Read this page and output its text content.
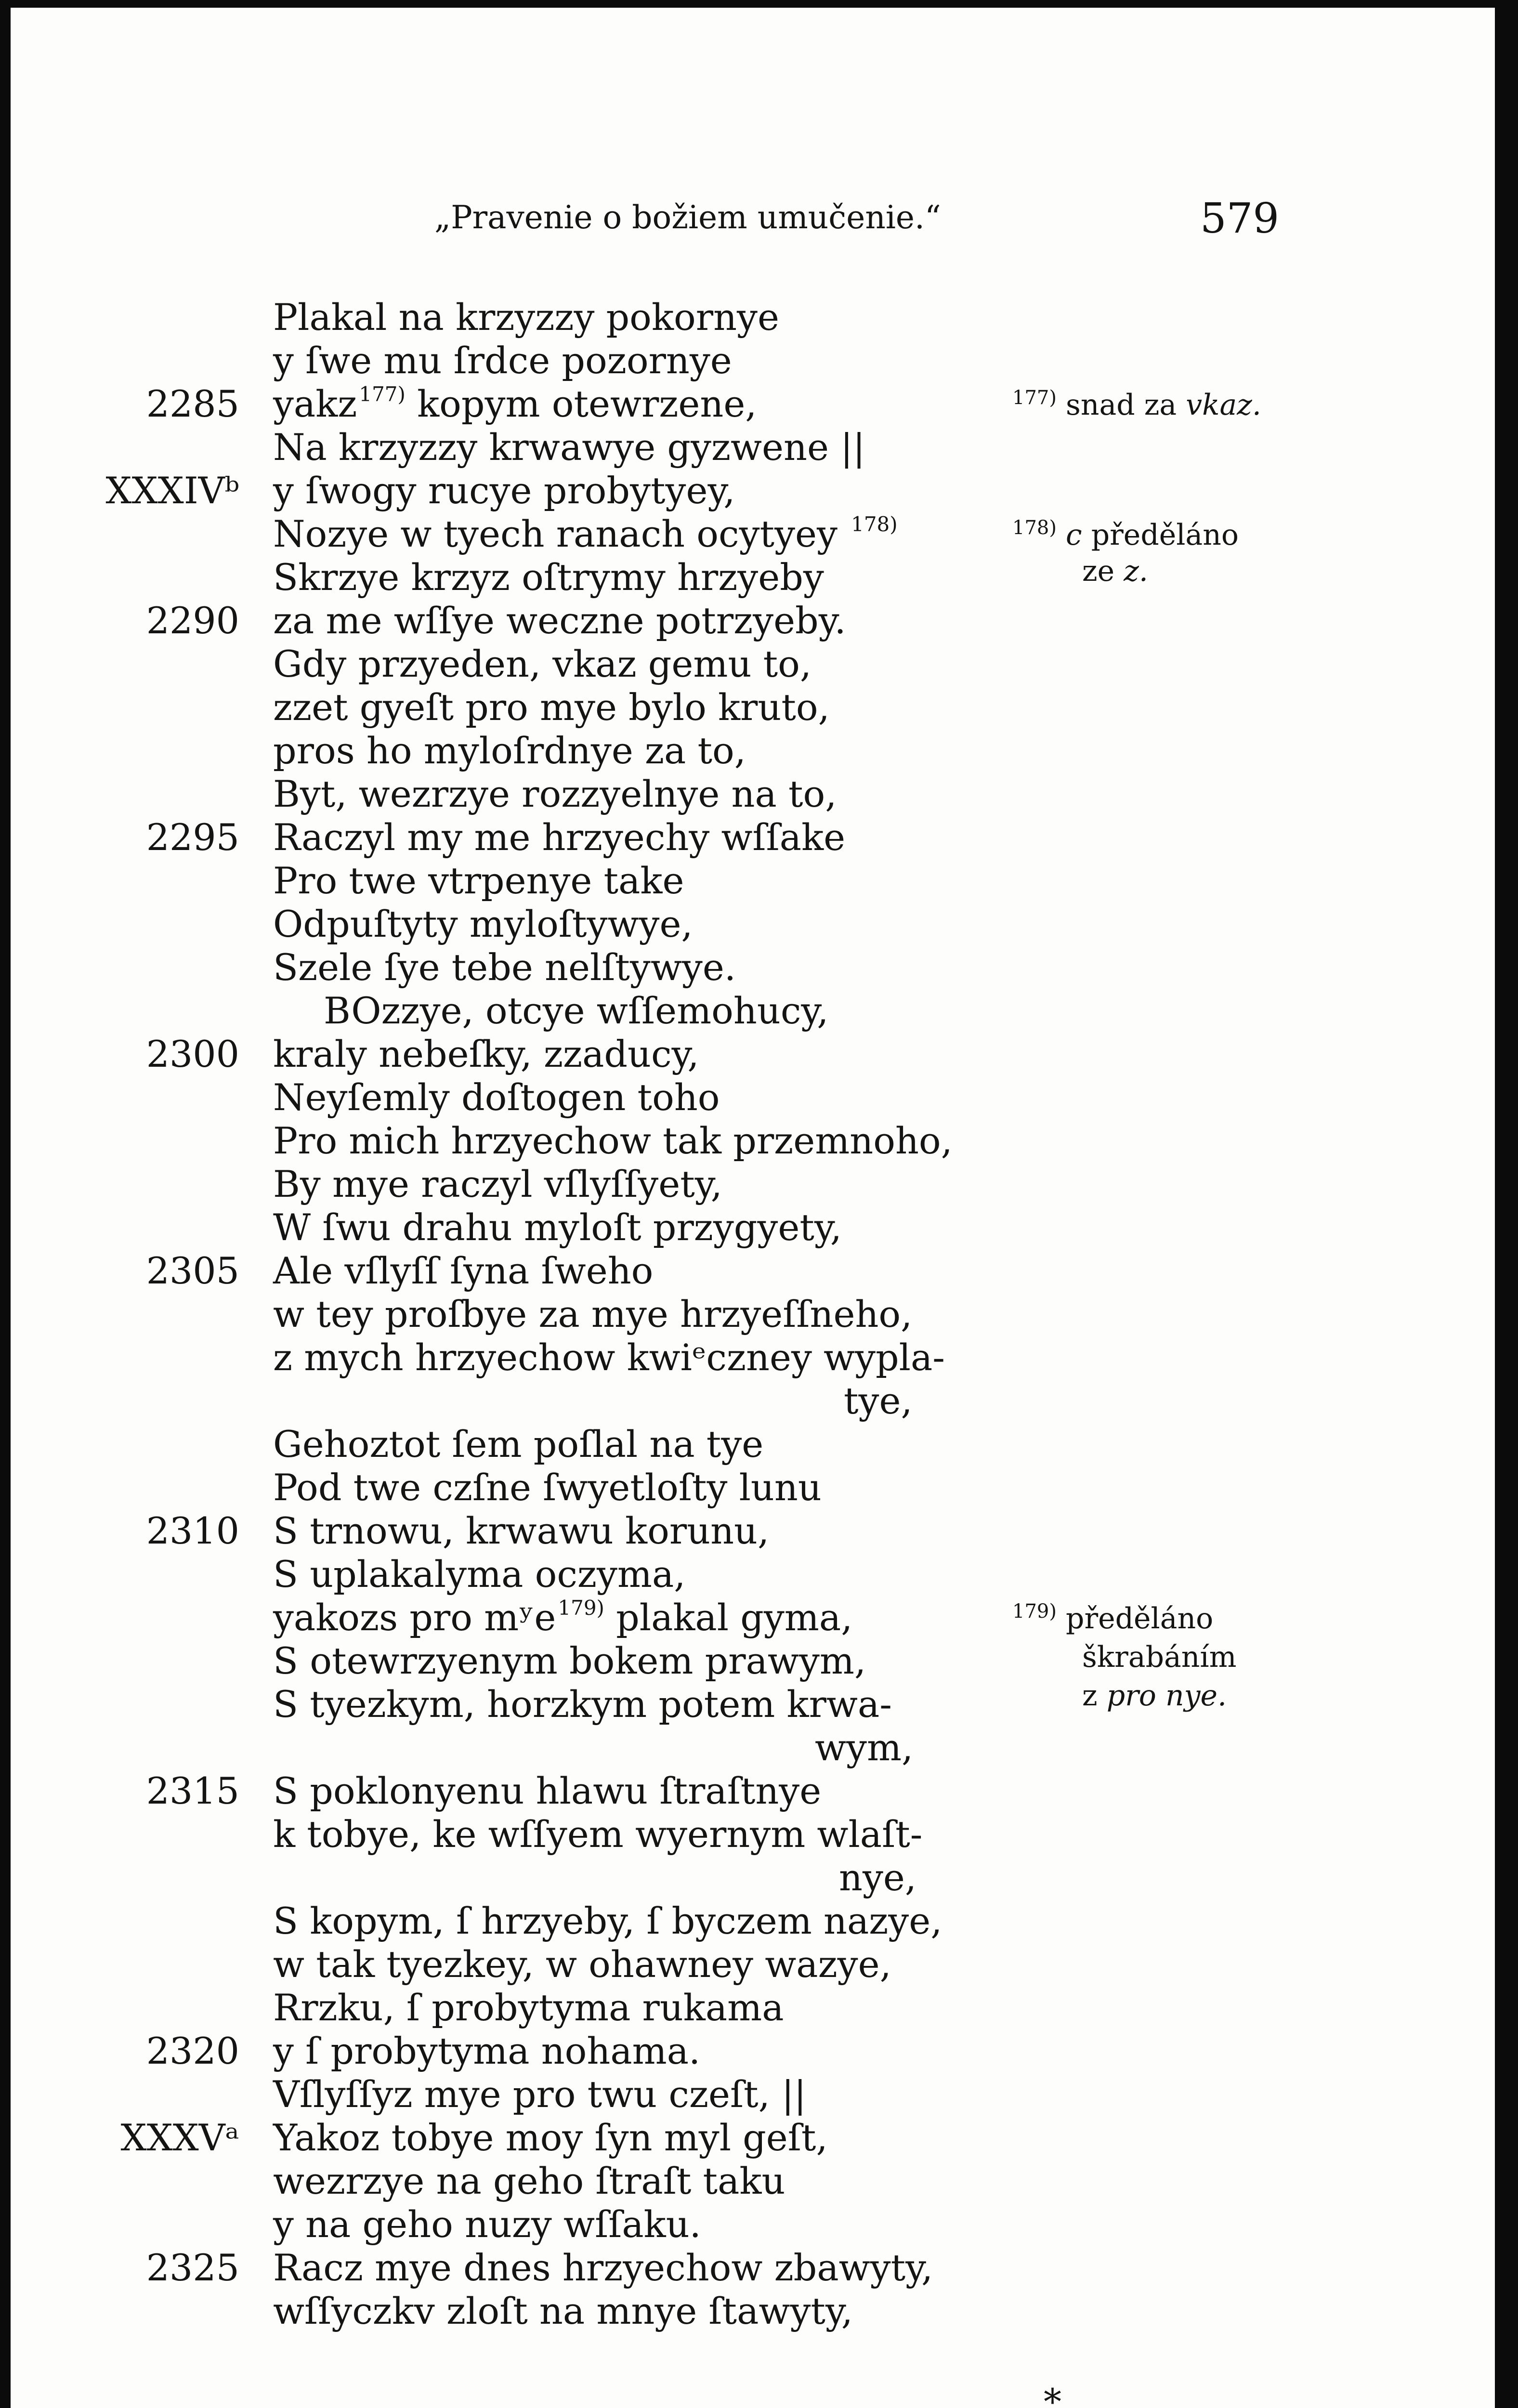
„Pravenie o božiem umučenie.“	579
Plakal na krzyzzy pokornye
y ſwe mu ſrdce pozornye
yakz$^{177)}$ kopym otewrzene,
Na krzyzzy krwawye gyzwene ||
y ſwogy rucye probytyey,
Nozye w tyech ranach ocytyey $^{178)}$
Skrzye krzyz oſtrymy hrzyeby
za me wſſye weczne potrzyeby.
Gdy przyeden, vkaz gemu to,
zzet gyeſt pro mye bylo kruto,
pros ho myloſrdnye za to,
Byt, wezrzye rozzyelnye na to,
Raczyl my me hrzyechy wſſake
Pro twe vtrpenye take
Odpuſtyty myloſtywye,
Szele ſye tebe nelſtywye.
BOzzye, otcye wſſemohucy,
kraly nebeſky, zzaducy,
Neyſemly doſtogen toho
Pro mich hrzyechow tak przemnoho,
By mye raczyl vſlyſſyety,
W ſwu drahu myloſt przygyety,
Ale vſlyſſ ſyna ſweho
w tey proſbye za mye hrzyeſſneho,
z mych hrzyechow kwiᵉczney wypla-
tye,
Gehoztot ſem poſlal na tye
Pod twe czſne ſwyetloſty lunu
S trnowu, krwawu korunu,
S uplakalyma oczyma,
yakozs pro mʸe$^{179)}$ plakal gyma,
S otewrzyenym bokem prawym,
S tyezkym, horzkym potem krwa-
wym,
S poklonyenu hlawu ſtraſtnye
k tobye, ke wſſyem wyernym wlaſt-
nye,
S kopym, ſ hrzyeby, ſ byczem nazye,
w tak tyezkey, w ohawney wazye,
Rrzku, ſ probytyma rukama
y ſ probytyma nohama.
Vſlyſſyz mye pro twu czeſt, ||
Yakoz tobye moy ſyn myl geſt,
wezrzye na geho ſtraſt taku
y na geho nuzy wſſaku.
Racz mye dnes hrzyechow zbawyty,
wſſyczkv zloſt na mnye ſtawyty,
2285
2290
2295
2300
2305
2310
2315
2320
2325
XXXIVᵇ
XXXVᵃ
$^{177)}$ snad za vkaz.
$^{178)}$ c předěláno
ze z.
$^{179)}$ předěláno
škrabáním
z pro nye.
*
